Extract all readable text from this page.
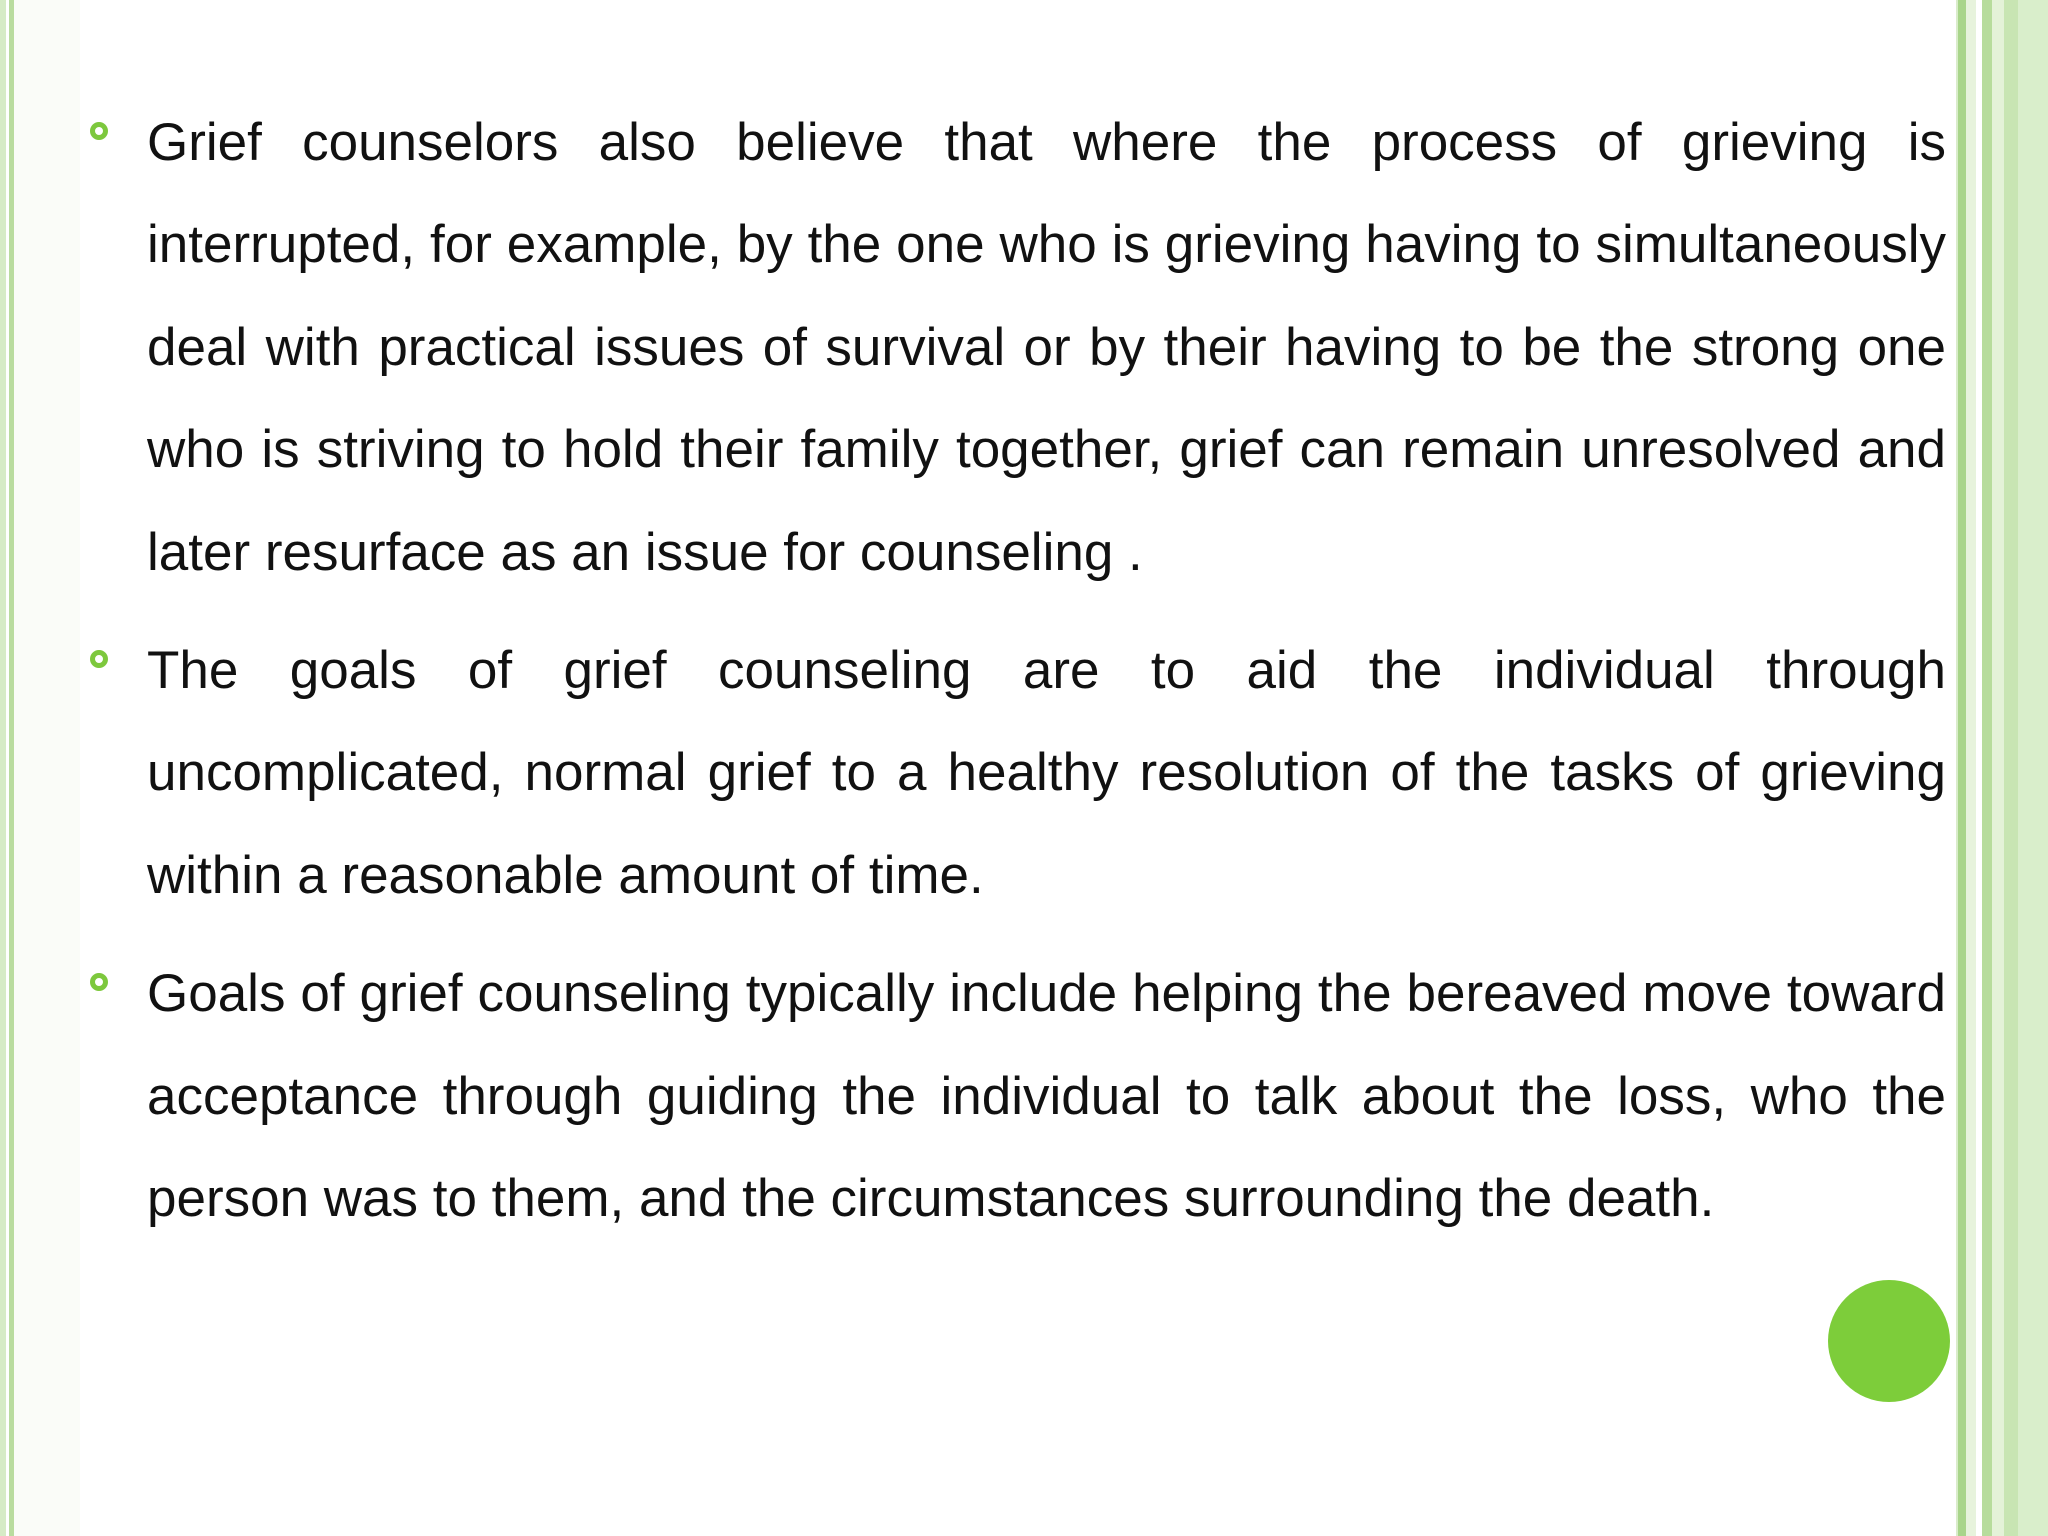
Grief counselors also believe that where the process of grieving is interrupted, for example, by the one who is grieving having to simultaneously deal with practical issues of survival or by their having to be the strong one who is striving to hold their family together, grief can remain unresolved and later resurface as an issue for counseling .
The goals of grief counseling are to aid the individual through uncomplicated, normal grief to a healthy resolution of the tasks of grieving within a reasonable amount of time.
Goals of grief counseling typically include helping the bereaved move toward acceptance through guiding the individual to talk about the loss, who the person was to them, and the circumstances surrounding the death.
